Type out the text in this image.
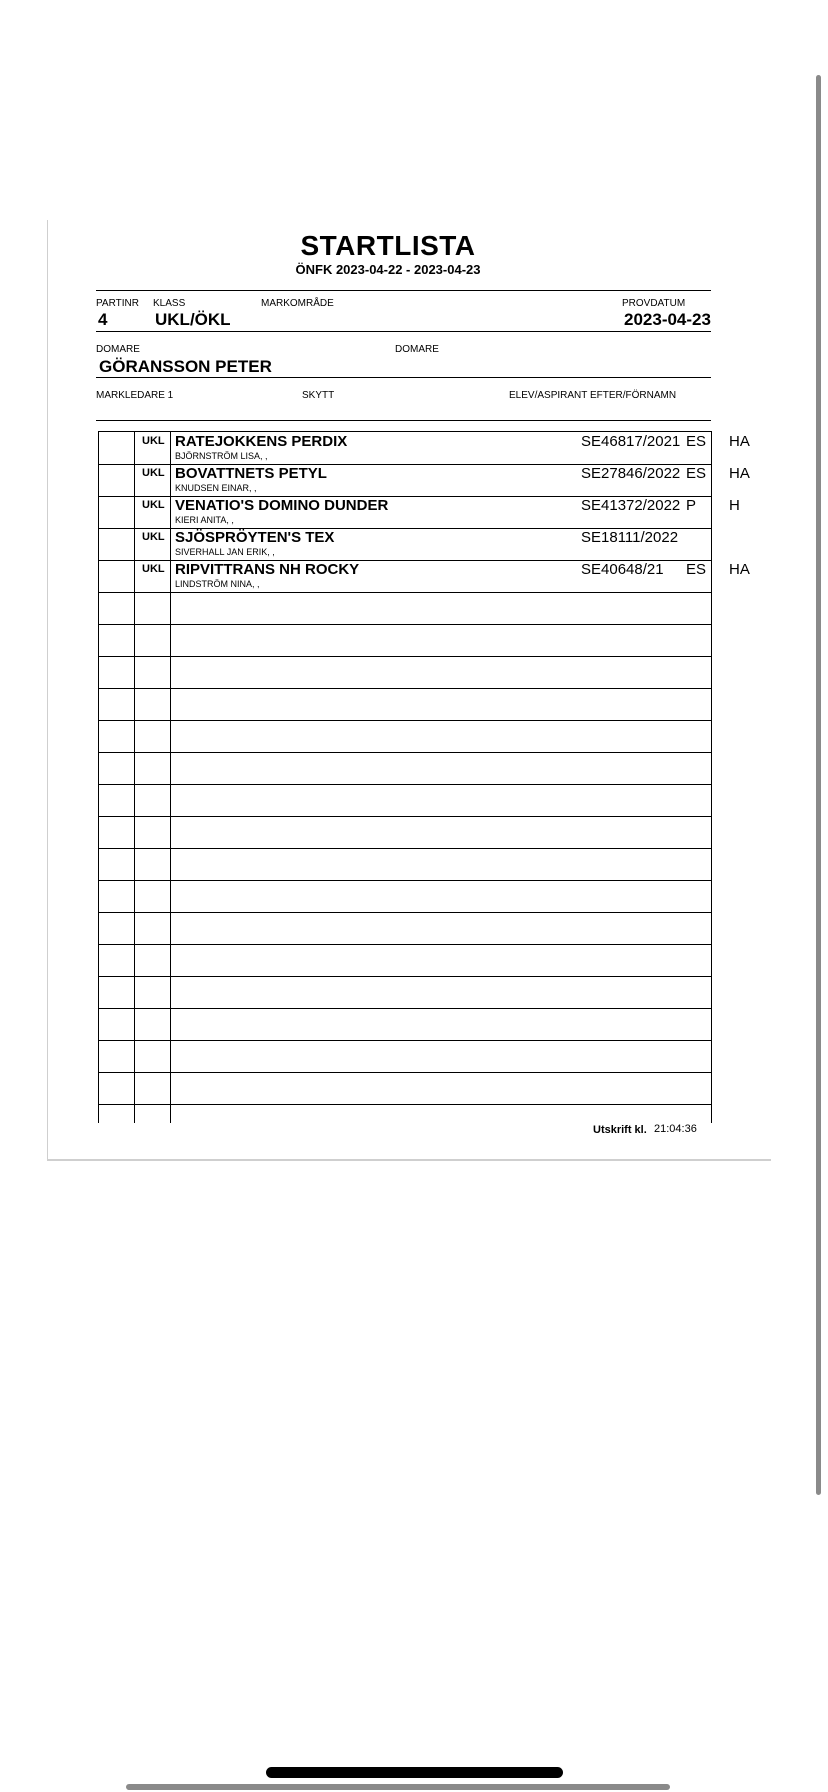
STARTLISTA
ÖNFK 2023-04-22 - 2023-04-23
PARTINR KLASS	MARKOMRÅDE	PROVDATUM
4	UKL/ÖKL	2023-04-23
DOMARE	DOMARE
GÖRANSSON PETER
MARKLEDARE 1	SKYTT	ELEV/ASPIRANT EFTER/FÖRNAMN
UKL RATEJOKKENS PERDIX
BJÖRNSTRÖM LISA, ,
SE46817/2021 ES HA
UKL BOVATTNETS PETYL
KNUDSEN EINAR, ,
SE27846/2022 ES HA
UKL VENATIO'S DOMINO DUNDER
KIERI ANITA, ,
SE41372/2022 P H
UKL SJÖSPRÖYTEN'S TEX
SIVERHALL JAN ERIK, ,
SE18111/2022
UKL RIPVITTRANS NH ROCKY
LINDSTRÖM NINA, ,
SE40648/21 ES HA
Utskrift kl. 21:04:36
